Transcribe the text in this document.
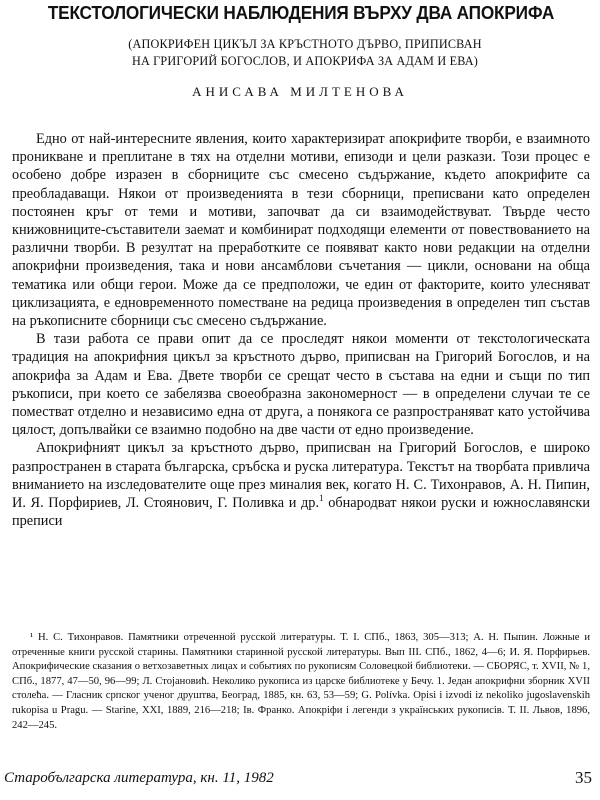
ТЕКСТОЛОГИЧЕСКИ НАБЛЮДЕНИЯ ВЪРХУ ДВА АПОКРИФА
(АПОКРИФЕН ЦИКЪЛ ЗА КРЪСТНОТО ДЪРВО, ПРИПИСВАН
НА ГРИГОРИЙ БОГОСЛОВ, И АПОКРИФА ЗА АДАМ И ЕВА)
АНИСАВА МИЛТЕНОВА

Едно от най-интересните явления, които характеризират апокрифите творби, е взаимното проникване и преплитане в тях на отделни мотиви, епизоди и цели разкази. Този процес е особено добре изразен в сборниците със смесено съдържание, където апокрифите са преобладаващи. Някои от произведенията в тези сборници, преписвани като определен постоянен кръг от теми и мотиви, започват да си взаимодействуват. Твърде често книжовниците-съставители заемат и комбинират подходящи елементи от повествованието на различни творби. В резултат на преработките се появяват както нови редакции на отделни апокрифни произведения, така и нови ансамблови съчетания — цикли, основани на обща тематика или общи герои. Може да се предположи, че един от факторите, които улесняват циклизацията, е едновременното поместване на редица произведения в определен тип състав на ръкописните сборници със смесено съдържание.

В тази работа се прави опит да се проследят някои моменти от текстологическата традиция на апокрифния цикъл за кръстното дърво, приписван на Григорий Богослов, и на апокрифа за Адам и Ева. Двете творби се срещат често в състава на едни и същи по тип ръкописи, при което се забелязва своеобразна закономерност — в определени случаи те се поместват отделно и независимо една от друга, а понякога се разпространяват като устойчива цялост, допълвайки се взаимно подобно на две части от едно произведение.

Апокрифният цикъл за кръстното дърво, приписван на Григорий Богослов, е широко разпространен в старата българска, сръбска и руска литература. Текстът на творбата привлича вниманието на изследователите още през миналия век, когато Н. С. Тихонравов, А. Н. Пипин, И. Я. Порфириев, Л. Стоянович, Г. Поливка и др.$^1$ обнародват някои руски и южнославянски преписи

¹ Н. С. Тихонравов. Памятники отреченной русской литературы. Т. I. СПб., 1863, 305—313; А. Н. Пыпин. Ложные и отреченные книги русской старины. Памятники старинной русской литературы. Вып III. СПб., 1862, 4—6; И. Я. Порфирьев. Апокрифические сказания о ветхозаветных лицах и событиях по рукописям Соловецкой библиотеки. — СБОРЯС, т. XVII, № 1, СПб., 1877, 47—50, 96—99; Л. Стојановић. Неколико рукописа из царске библиотеке у Бечу. 1. Један апокрифни зборник XVII столећа. — Гласник српског ученог друштва, Београд, 1885, кн. 63, 53—59; G. Polívka. Opisi i izvodi iz nekoliko jugoslavenskih rukopisa u Pragu. — Starine, XXI, 1889, 216—218; Iв. Франко. Апокрiфи i легенди з українських рукописiв. Т. II. Львов, 1896, 242—245.

Старобългарска литература, кн. 11, 1982	35
